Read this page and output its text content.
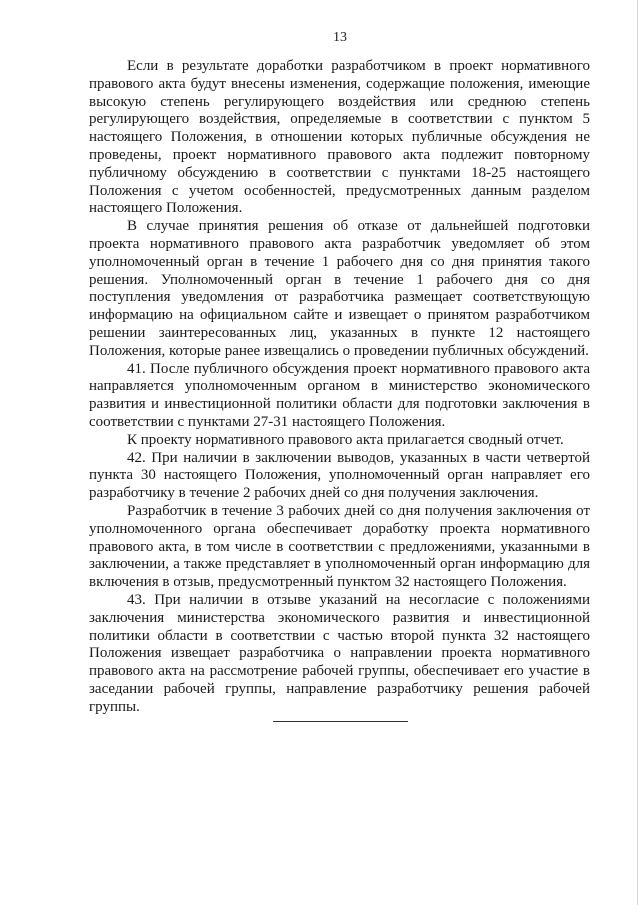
13

Если в результате доработки разработчиком в проект нормативного правового акта будут внесены изменения, содержащие положения, имеющие высокую степень регулирующего воздействия или среднюю степень регулирующего воздействия, определяемые в соответствии с пунктом 5 настоящего Положения, в отношении которых публичные обсуждения не проведены, проект нормативного правового акта подлежит повторному публичному обсуждению в соответствии с пунктами 18-25 настоящего Положения с учетом особенностей, предусмотренных данным разделом настоящего Положения.

В случае принятия решения об отказе от дальнейшей подготовки проекта нормативного правового акта разработчик уведомляет об этом уполномоченный орган в течение 1 рабочего дня со дня принятия такого решения. Уполномоченный орган в течение 1 рабочего дня со дня поступления уведомления от разработчика размещает соответствующую информацию на официальном сайте и извещает о принятом разработчиком решении заинтересованных лиц, указанных в пункте 12 настоящего Положения, которые ранее извещались о проведении публичных обсуждений.

41. После публичного обсуждения проект нормативного правового акта направляется уполномоченным органом в министерство экономического развития и инвестиционной политики области для подготовки заключения в соответствии с пунктами 27-31 настоящего Положения.

К проекту нормативного правового акта прилагается сводный отчет.

42. При наличии в заключении выводов, указанных в части четвертой пункта 30 настоящего Положения, уполномоченный орган направляет его разработчику в течение 2 рабочих дней со дня получения заключения.

Разработчик в течение 3 рабочих дней со дня получения заключения от уполномоченного органа обеспечивает доработку проекта нормативного правового акта, в том числе в соответствии с предложениями, указанными в заключении, а также представляет в уполномоченный орган информацию для включения в отзыв, предусмотренный пунктом 32 настоящего Положения.

43. При наличии в отзыве указаний на несогласие с положениями заключения министерства экономического развития и инвестиционной политики области в соответствии с частью второй пункта 32 настоящего Положения извещает разработчика о направлении проекта нормативного правового акта на рассмотрение рабочей группы, обеспечивает его участие в заседании рабочей группы, направление разработчику решения рабочей группы.
